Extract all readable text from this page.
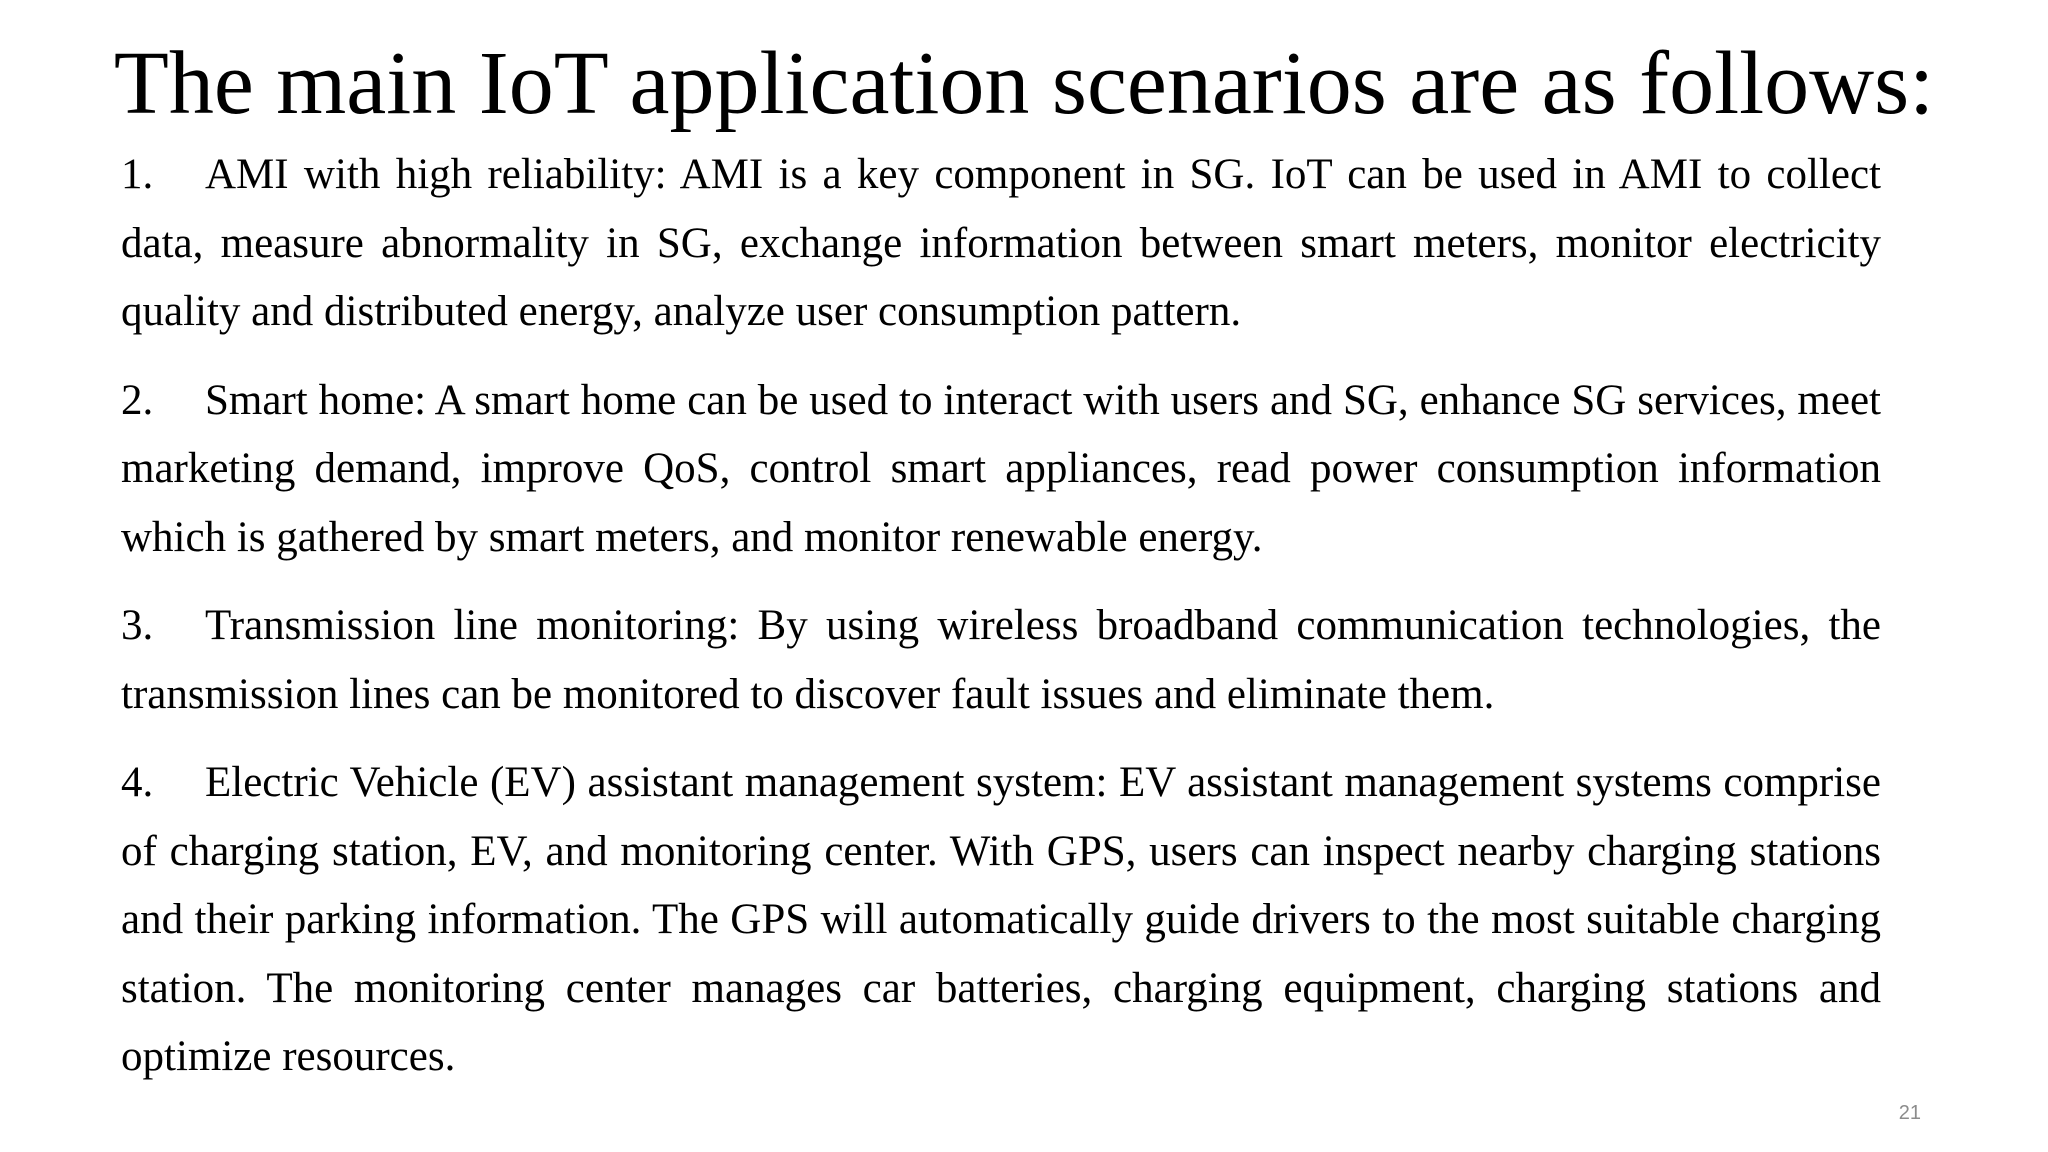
The main IoT application scenarios are as follows:
1. AMI with high reliability: AMI is a key component in SG. IoT can be used in AMI to collect data, measure abnormality in SG, exchange information between smart meters, monitor electricity quality and distributed energy, analyze user consumption pattern.
2. Smart home: A smart home can be used to interact with users and SG, enhance SG services, meet marketing demand, improve QoS, control smart appliances, read power consumption information which is gathered by smart meters, and monitor renewable energy.
3. Transmission line monitoring: By using wireless broadband communication technologies, the transmission lines can be monitored to discover fault issues and eliminate them.
4. Electric Vehicle (EV) assistant management system: EV assistant management systems comprise of charging station, EV, and monitoring center. With GPS, users can inspect nearby charging stations and their parking information. The GPS will automatically guide drivers to the most suitable charging station. The monitoring center manages car batteries, charging equipment, charging stations and optimize resources.
21
